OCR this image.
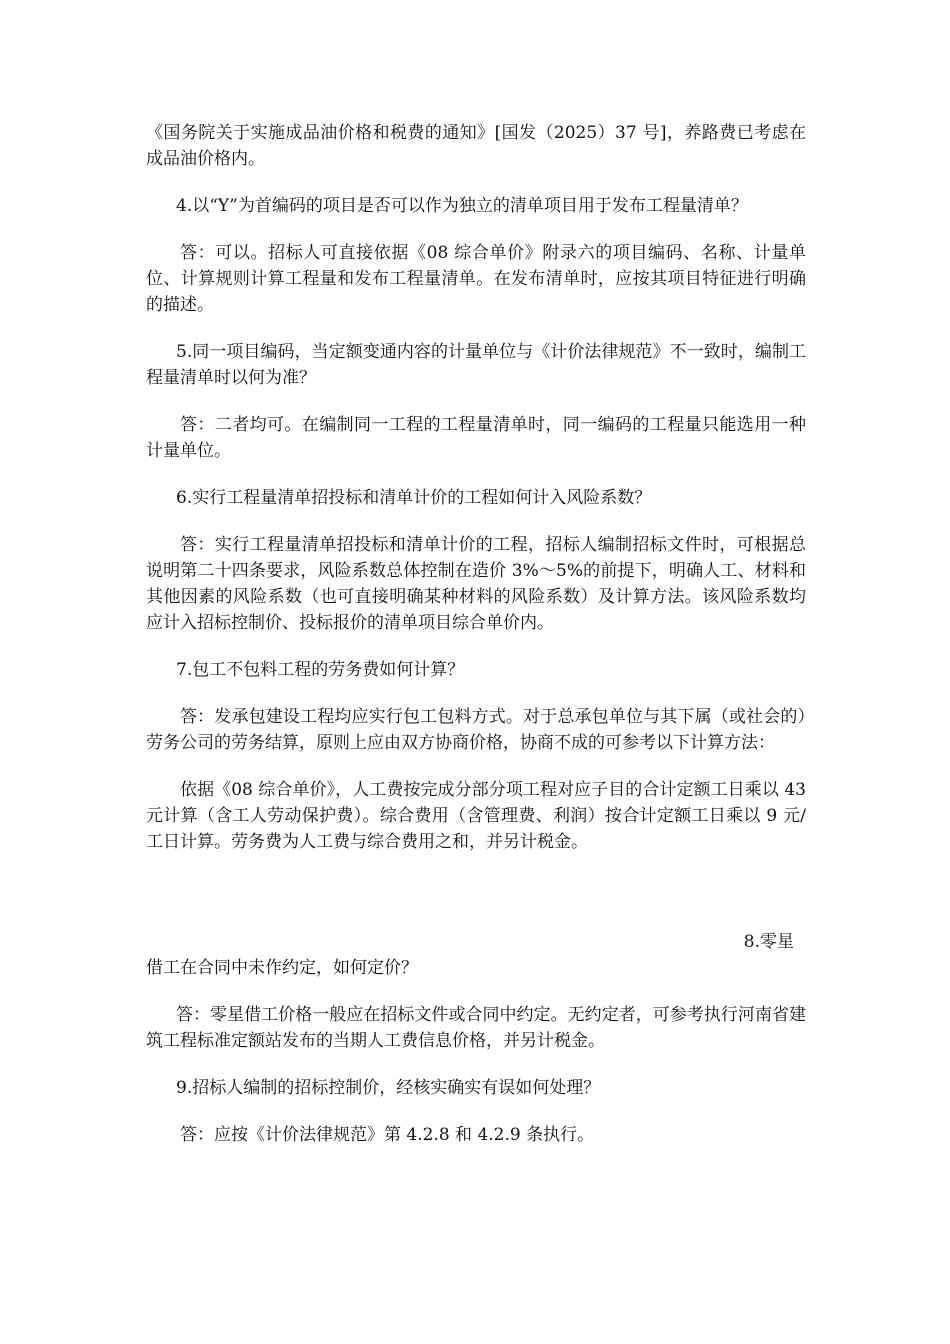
《国务院关于实施成品油价格和税费的通知》[国发（2025）37 号]，养路费已考虑在成品油价格内。

4.以“Y”为首编码的项目是否可以作为独立的清单项目用于发布工程量清单？

答：可以。招标人可直接依据《08 综合单价》附录六的项目编码、名称、计量单位、计算规则计算工程量和发布工程量清单。在发布清单时，应按其项目特征进行明确的描述。

5.同一项目编码，当定额变通内容的计量单位与《计价法律规范》不一致时，编制工程量清单时以何为准？

答：二者均可。在编制同一工程的工程量清单时，同一编码的工程量只能选用一种计量单位。

6.实行工程量清单招投标和清单计价的工程如何计入风险系数？

答：实行工程量清单招投标和清单计价的工程，招标人编制招标文件时，可根据总说明第二十四条要求，风险系数总体控制在造价 3%～5%的前提下，明确人工、材料和其他因素的风险系数（也可直接明确某种材料的风险系数）及计算方法。该风险系数均应计入招标控制价、投标报价的清单项目综合单价内。

7.包工不包料工程的劳务费如何计算？

答：发承包建设工程均应实行包工包料方式。对于总承包单位与其下属（或社会的）劳务公司的劳务结算，原则上应由双方协商价格，协商不成的可参考以下计算方法：

依据《08 综合单价》，人工费按完成分部分项工程对应子目的合计定额工日乘以 43 元计算（含工人劳动保护费）。综合费用（含管理费、利润）按合计定额工日乘以 9 元/工日计算。劳务费为人工费与综合费用之和，并另计税金。

8.零星

借工在合同中未作约定，如何定价？

答：零星借工价格一般应在招标文件或合同中约定。无约定者，可参考执行河南省建筑工程标准定额站发布的当期人工费信息价格，并另计税金。

9.招标人编制的招标控制价，经核实确实有误如何处理？

答：应按《计价法律规范》第 4.2.8 和 4.2.9 条执行。
